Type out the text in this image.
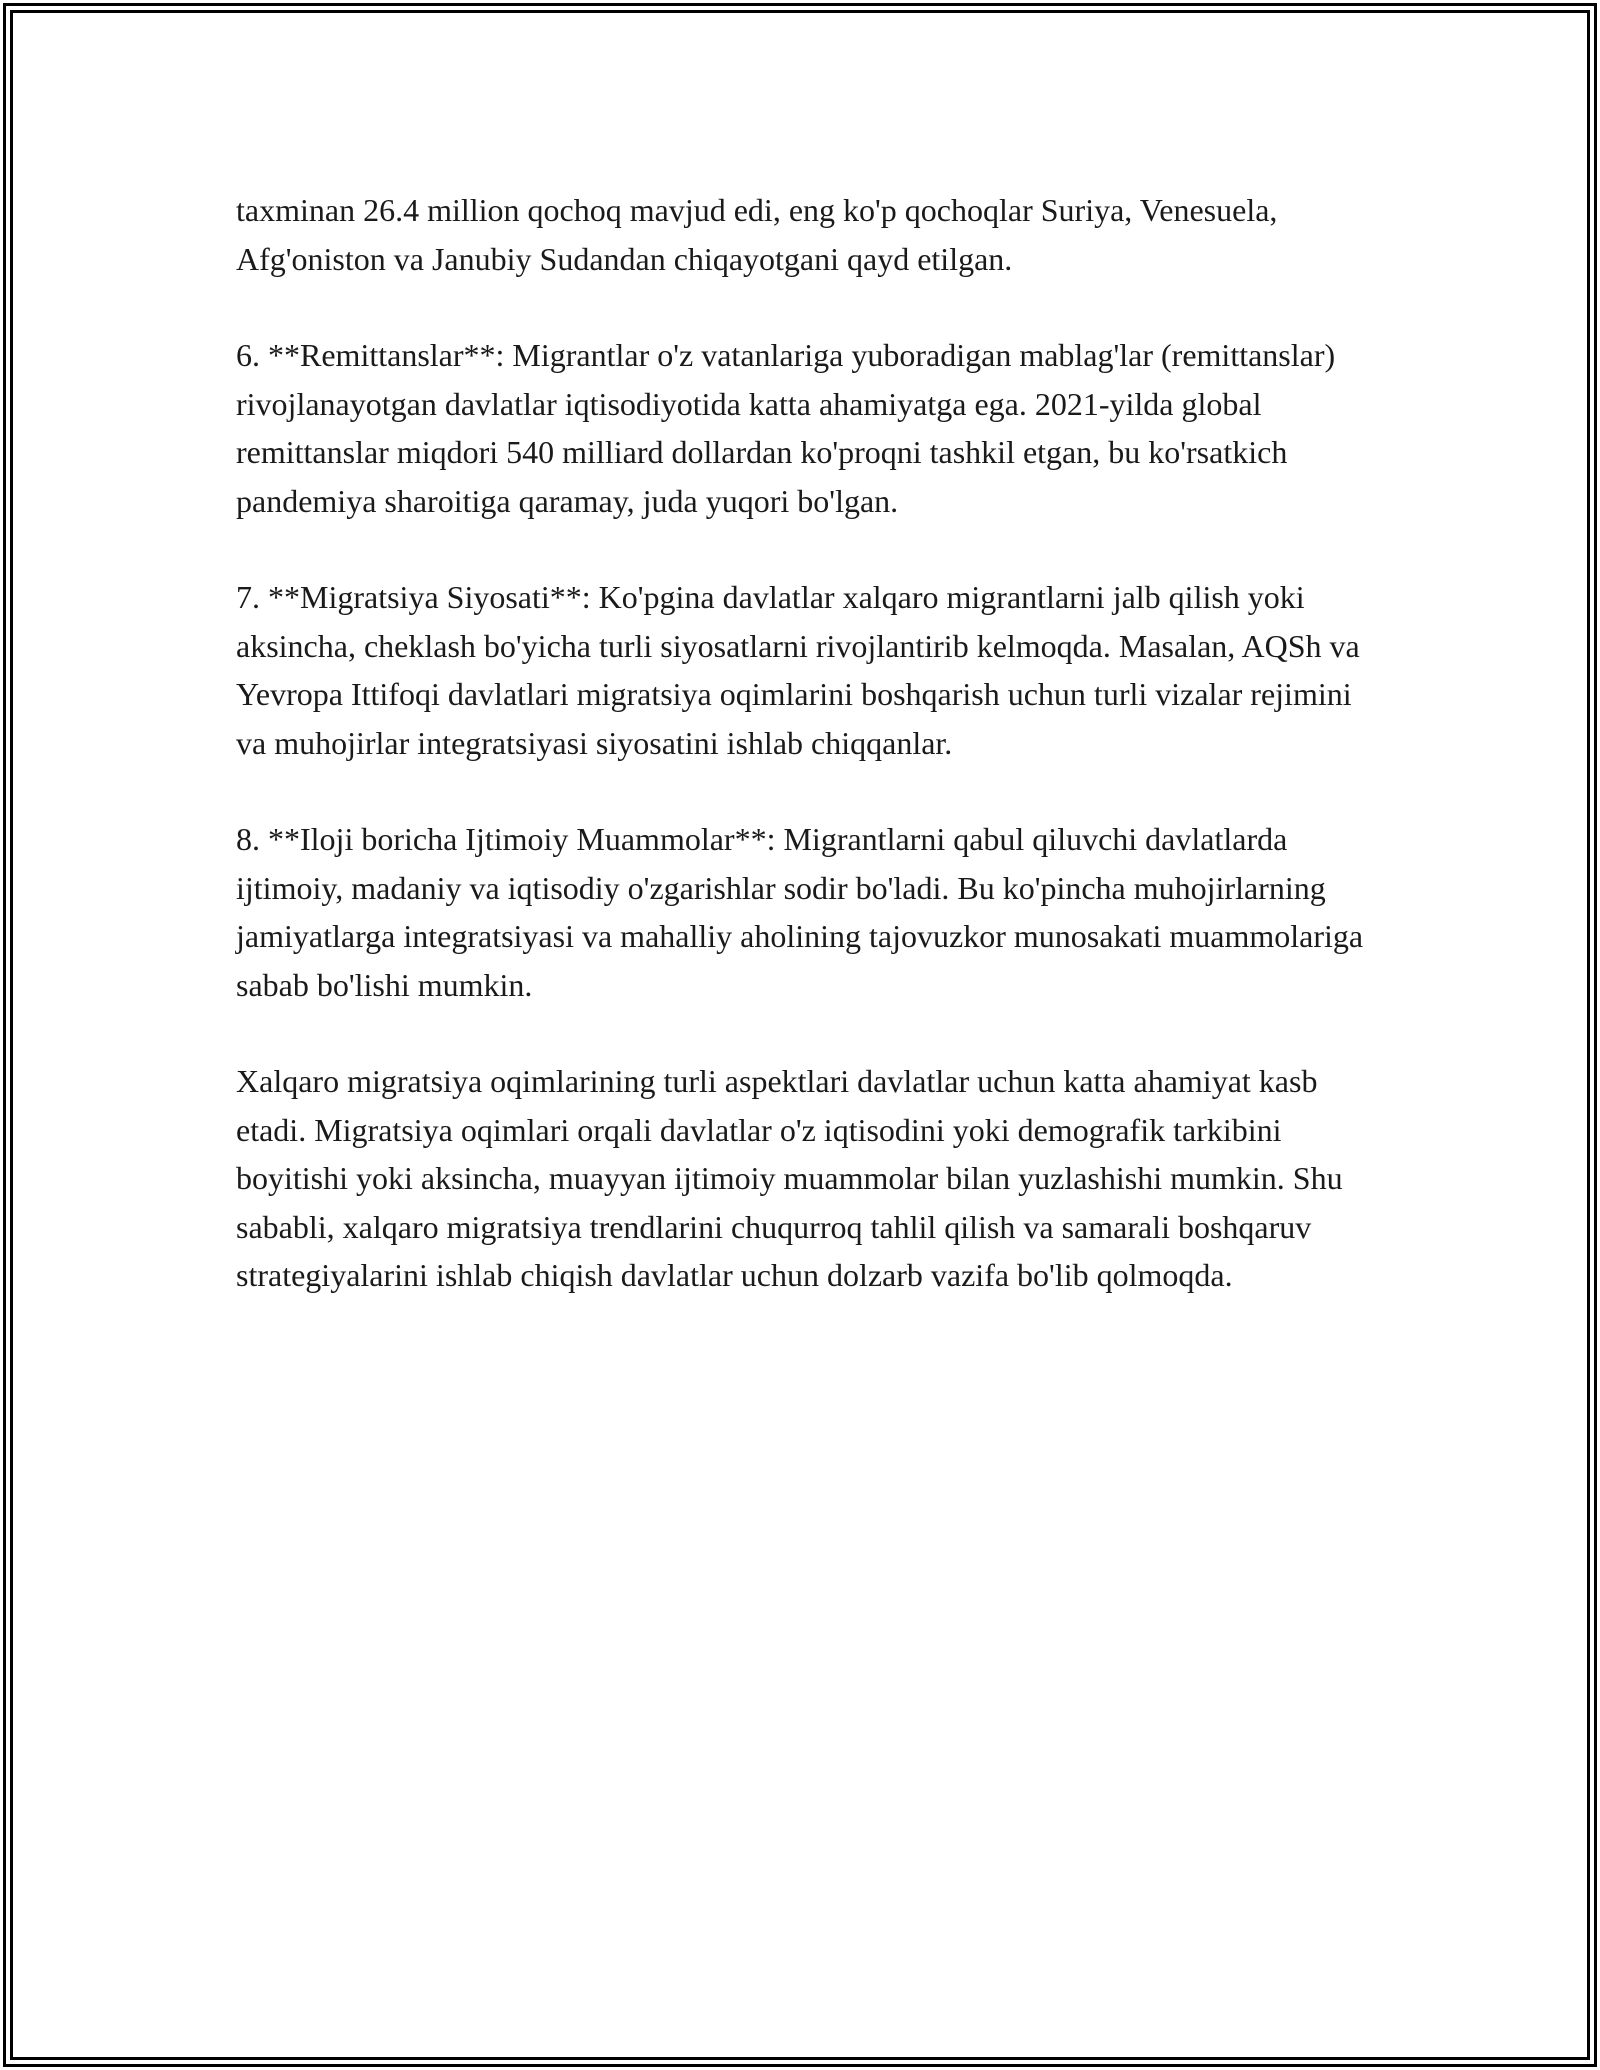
taxminan 26.4 million qochoq mavjud edi, eng ko'p qochoqlar Suriya, Venesuela, Afg'oniston va Janubiy Sudandan chiqayotgani qayd etilgan.

6. **Remittanslar**: Migrantlar o'z vatanlariga yuboradigan mablag'lar (remittanslar) rivojlanayotgan davlatlar iqtisodiyotida katta ahamiyatga ega. 2021-yilda global remittanslar miqdori 540 milliard dollardan ko'proqni tashkil etgan, bu ko'rsatkich pandemiya sharoitiga qaramay, juda yuqori bo'lgan.

7. **Migratsiya Siyosati**: Ko'pgina davlatlar xalqaro migrantlarni jalb qilish yoki aksincha, cheklash bo'yicha turli siyosatlarni rivojlantirib kelmoqda. Masalan, AQSh va Yevropa Ittifoqi davlatlari migratsiya oqimlarini boshqarish uchun turli vizalar rejimini va muhojirlar integratsiyasi siyosatini ishlab chiqqanlar.

8. **Iloji boricha Ijtimoiy Muammolar**: Migrantlarni qabul qiluvchi davlatlarda ijtimoiy, madaniy va iqtisodiy o'zgarishlar sodir bo'ladi. Bu ko'pincha muhojirlarning jamiyatlarga integratsiyasi va mahalliy aholining tajovuzkor munosakati muammolariga sabab bo'lishi mumkin.

Xalqaro migratsiya oqimlarining turli aspektlari davlatlar uchun katta ahamiyat kasb etadi. Migratsiya oqimlari orqali davlatlar o'z iqtisodini yoki demografik tarkibini boyitishi yoki aksincha, muayyan ijtimoiy muammolar bilan yuzlashishi mumkin. Shu sababli, xalqaro migratsiya trendlarini chuqurroq tahlil qilish va samarali boshqaruv strategiyalarini ishlab chiqish davlatlar uchun dolzarb vazifa bo'lib qolmoqda.
